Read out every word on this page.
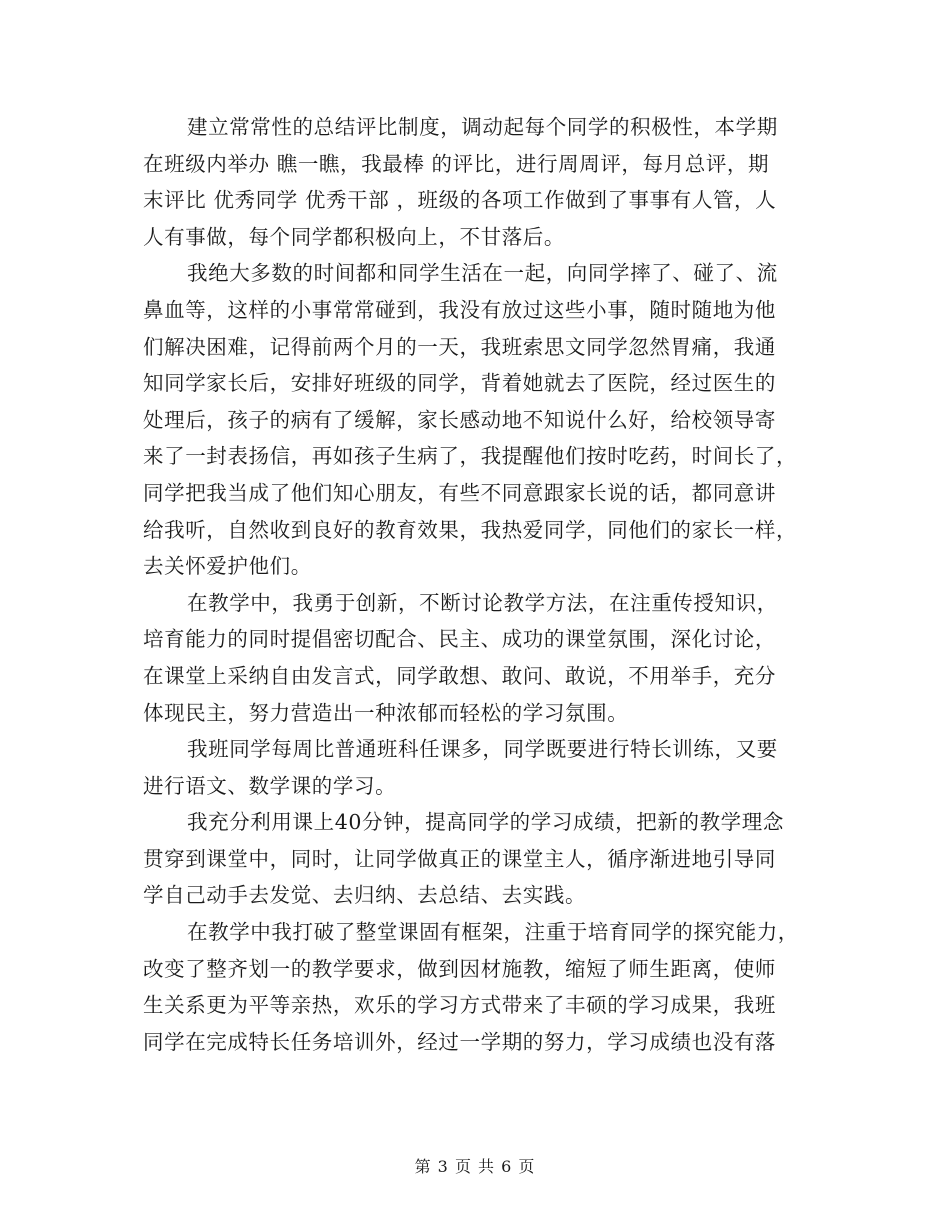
建立常常性的总结评比制度，调动起每个同学的积极性，本学期
在班级内举办 瞧一瞧，我最棒 的评比，进行周周评，每月总评，期
末评比 优秀同学 优秀干部 ，班级的各项工作做到了事事有人管，人
人有事做，每个同学都积极向上，不甘落后。
我绝大多数的时间都和同学生活在一起，向同学摔了、碰了、流
鼻血等，这样的小事常常碰到，我没有放过这些小事，随时随地为他
们解决困难，记得前两个月的一天，我班索思文同学忽然胃痛，我通
知同学家长后，安排好班级的同学，背着她就去了医院，经过医生的
处理后，孩子的病有了缓解，家长感动地不知说什么好，给校领导寄
来了一封表扬信，再如孩子生病了，我提醒他们按时吃药，时间长了，
同学把我当成了他们知心朋友，有些不同意跟家长说的话，都同意讲
给我听，自然收到良好的教育效果，我热爱同学，同他们的家长一样，
去关怀爱护他们。
在教学中，我勇于创新，不断讨论教学方法，在注重传授知识，
培育能力的同时提倡密切配合、民主、成功的课堂氛围，深化讨论，
在课堂上采纳自由发言式，同学敢想、敢问、敢说，不用举手，充分
体现民主，努力营造出一种浓郁而轻松的学习氛围。
我班同学每周比普通班科任课多，同学既要进行特长训练，又要
进行语文、数学课的学习。
我充分利用课上40分钟，提高同学的学习成绩，把新的教学理念
贯穿到课堂中，同时，让同学做真正的课堂主人，循序渐进地引导同
学自己动手去发觉、去归纳、去总结、去实践。
在教学中我打破了整堂课固有框架，注重于培育同学的探究能力，
改变了整齐划一的教学要求，做到因材施教，缩短了师生距离，使师
生关系更为平等亲热，欢乐的学习方式带来了丰硕的学习成果，我班
同学在完成特长任务培训外，经过一学期的努力，学习成绩也没有落
第 3 页 共 6 页
